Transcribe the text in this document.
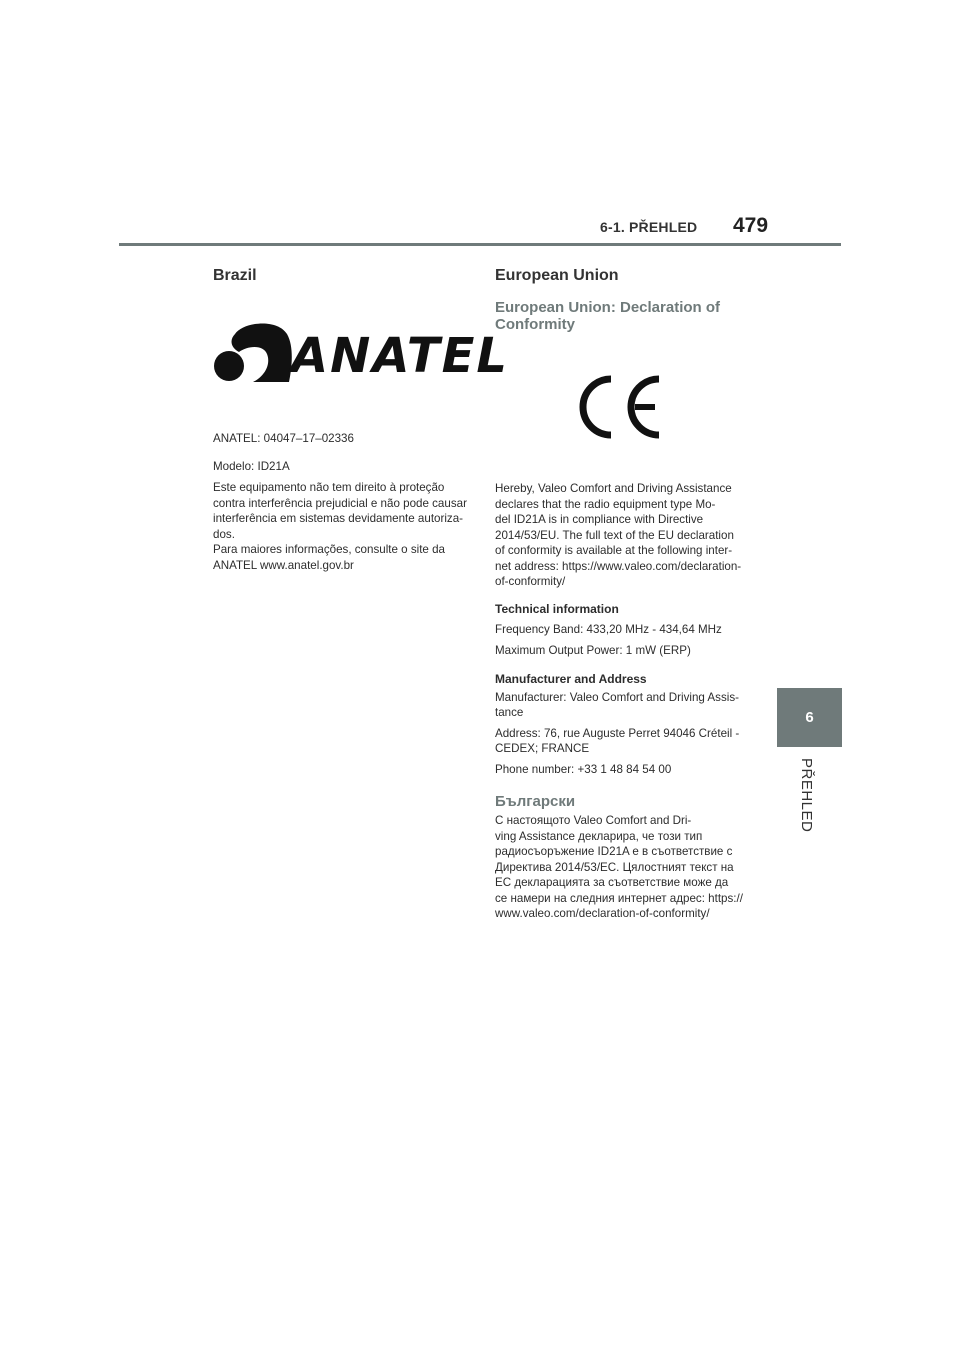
6-1. PŘEHLED 479
6
PŘEHLED
Brazil
ANATEL

ANATEL: 04047–17–02336

Modelo: ID21A

Este equipamento não tem direito à proteção

contra interferência prejudicial e não pode causar

interferência em sistemas devidamente autoriza-

dos.

Para maiores informações, consulte o site da

ANATEL www.anatel.gov.br

European Union
European Union: Declaration of
Conformity

Hereby, Valeo Comfort and Driving Assistance

declares that the radio equipment type Mo-

del ID21A is in compliance with Directive

2014/53/EU. The full text of the EU declaration

of conformity is available at the following inter-

net address: https://www.valeo.com/declaration-

of-conformity/

Technical information

Frequency Band: 433,20 MHz - 434,64 MHz

Maximum Output Power: 1 mW (ERP)

Manufacturer and Address

Manufacturer: Valeo Comfort and Driving Assis-

tance

Address: 76, rue Auguste Perret 94046 Créteil -

CEDEX; FRANCE

Phone number: +33 1 48 84 54 00

Български

С настоящото Valeo Comfort and Dri-

ving Assistance декларира, че този тип

радиосъоръжение ID21A е в съответствие с

Директива 2014/53/ЕС. Цялостният текст на

ЕС декларацията за съответствие може да

се намери на следния интернет адрес: https://

www.valeo.com/declaration-of-conformity/
